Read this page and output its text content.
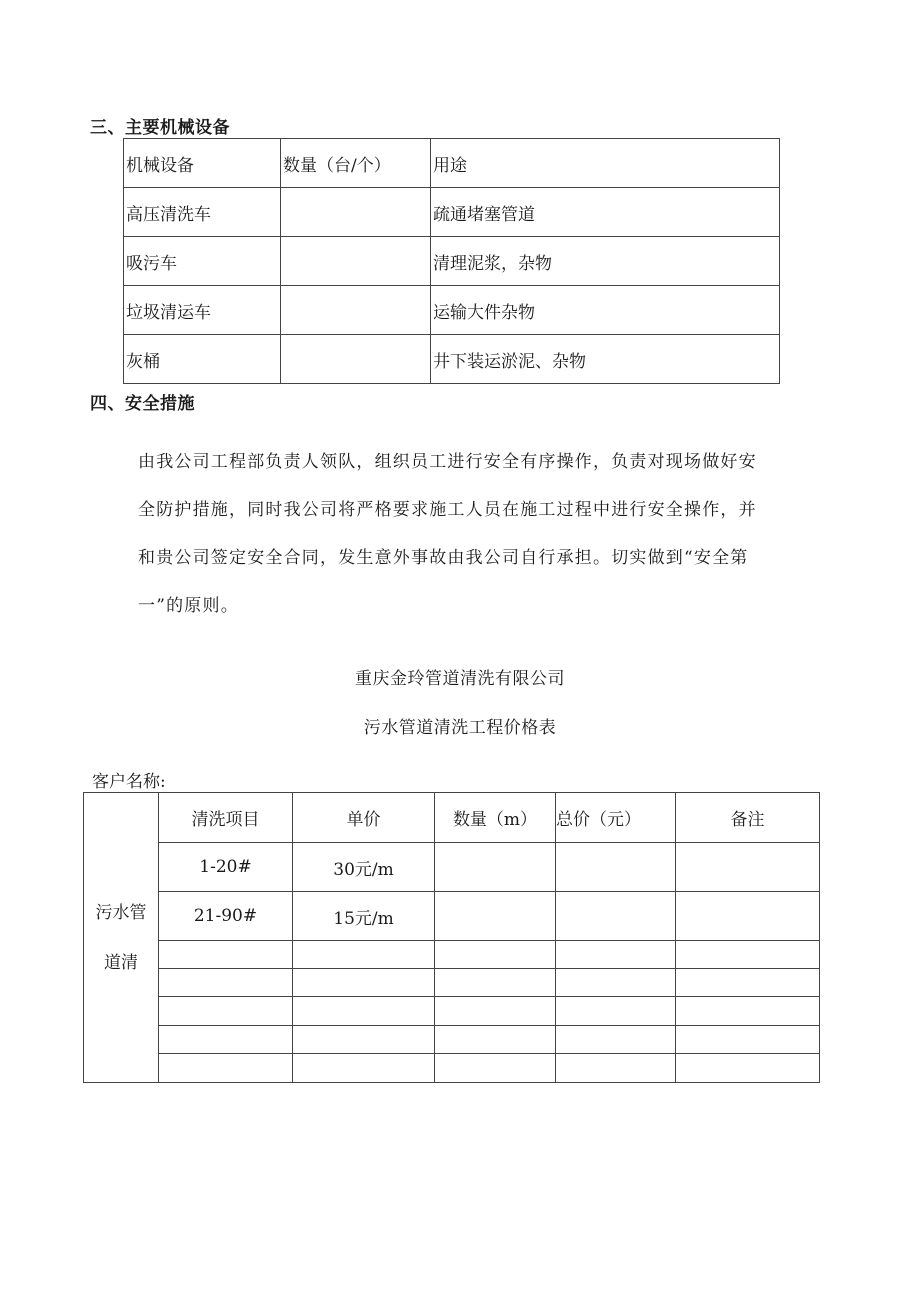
三、主要机械设备
机械设备	数量（台/个）	用途
高压清洗车		疏通堵塞管道
吸污车		清理泥浆，杂物
垃圾清运车		运输大件杂物
灰桶		井下装运淤泥、杂物
四、安全措施
由我公司工程部负责人领队，组织员工进行安全有序操作，负责对现场做好安
全防护措施，同时我公司将严格要求施工人员在施工过程中进行安全操作，并
和贵公司签定安全合同，发生意外事故由我公司自行承担。切实做到“安全第
一”的原则。
重庆金玲管道清洗有限公司
污水管道清洗工程价格表
客户名称:
污水管
道清	清洗项目	单价	数量（m）	总价（元）	备注
	1-20#	30元/m			
	21-90#	15元/m			
